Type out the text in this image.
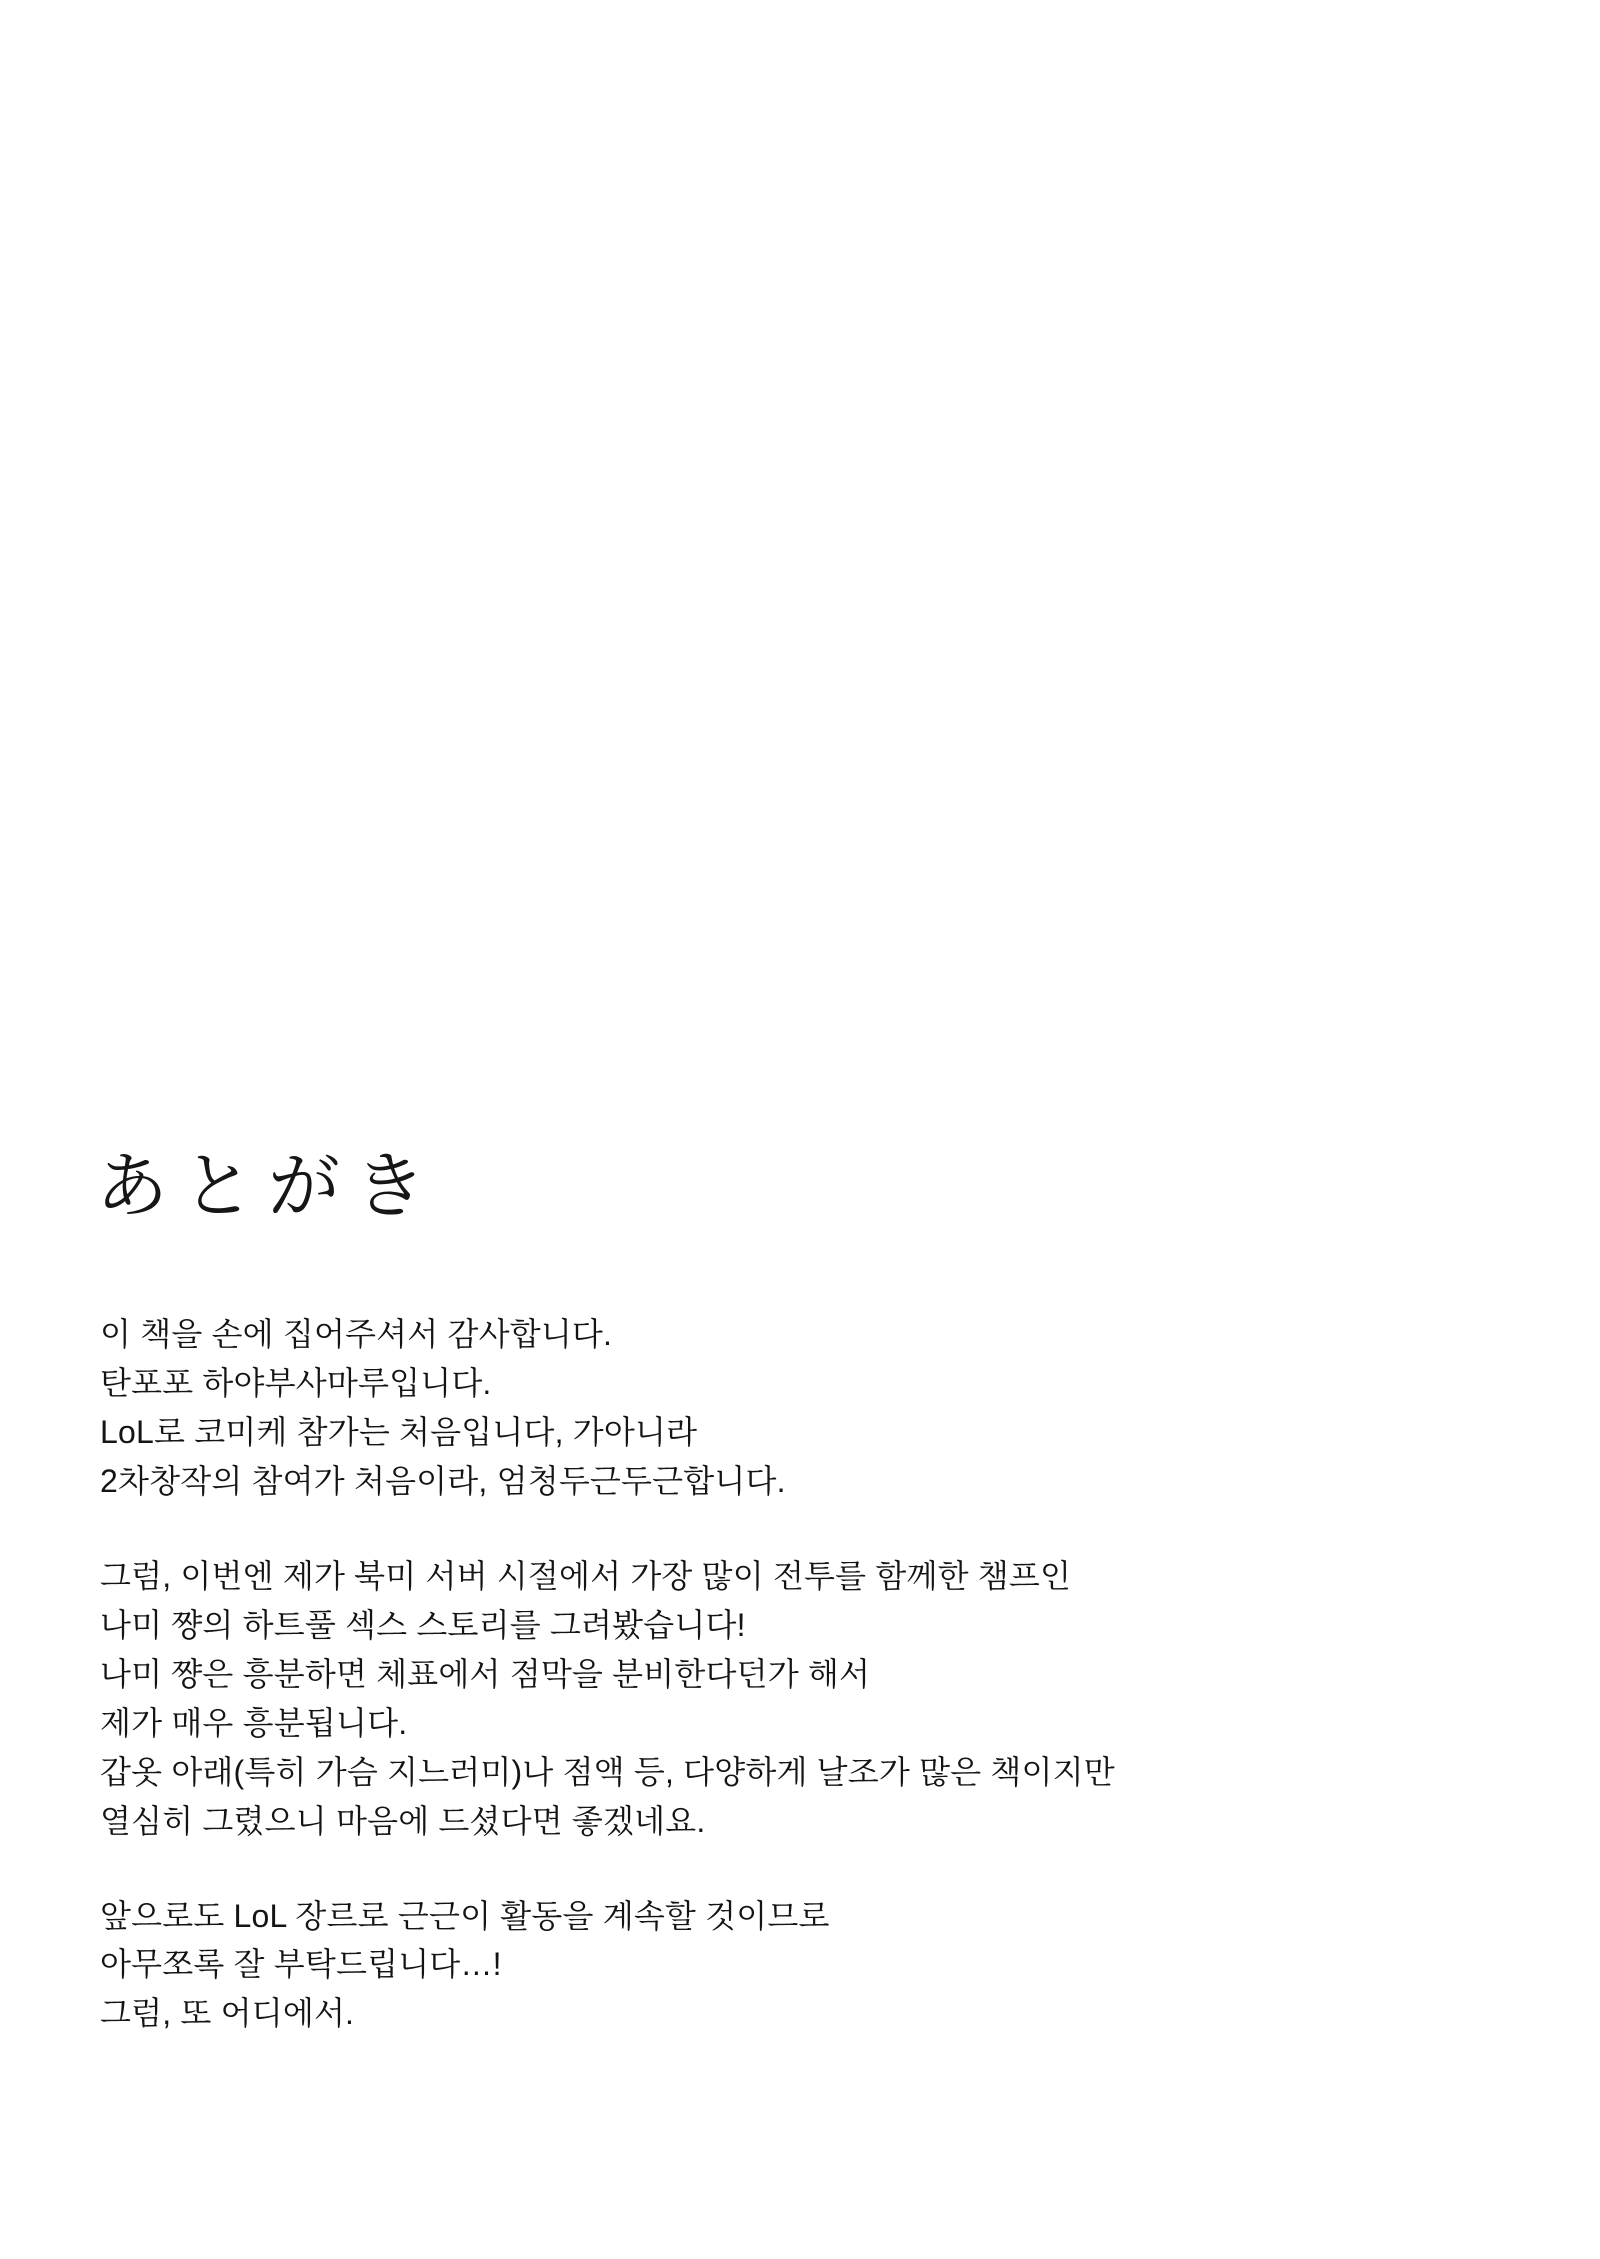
あとがき
이 책을 손에 집어주셔서 감사합니다.
탄포포 하야부사마루입니다.
LoL로 코미케 참가는 처음입니다, 가아니라
2차창작의 참여가 처음이라, 엄청두근두근합니다.
그럼, 이번엔 제가 북미 서버 시절에서 가장 많이 전투를 함께한 챔프인
나미 쨩의 하트풀 섹스 스토리를 그려봤습니다!
나미 쨩은 흥분하면 체표에서 점막을 분비한다던가 해서
제가 매우 흥분됩니다.
갑옷 아래(특히 가슴 지느러미)나 점액 등, 다양하게 날조가 많은 책이지만
열심히 그렸으니 마음에 드셨다면 좋겠네요.
앞으로도 LoL 장르로 근근이 활동을 계속할 것이므로
아무쪼록 잘 부탁드립니다…!
그럼, 또 어디에서.
